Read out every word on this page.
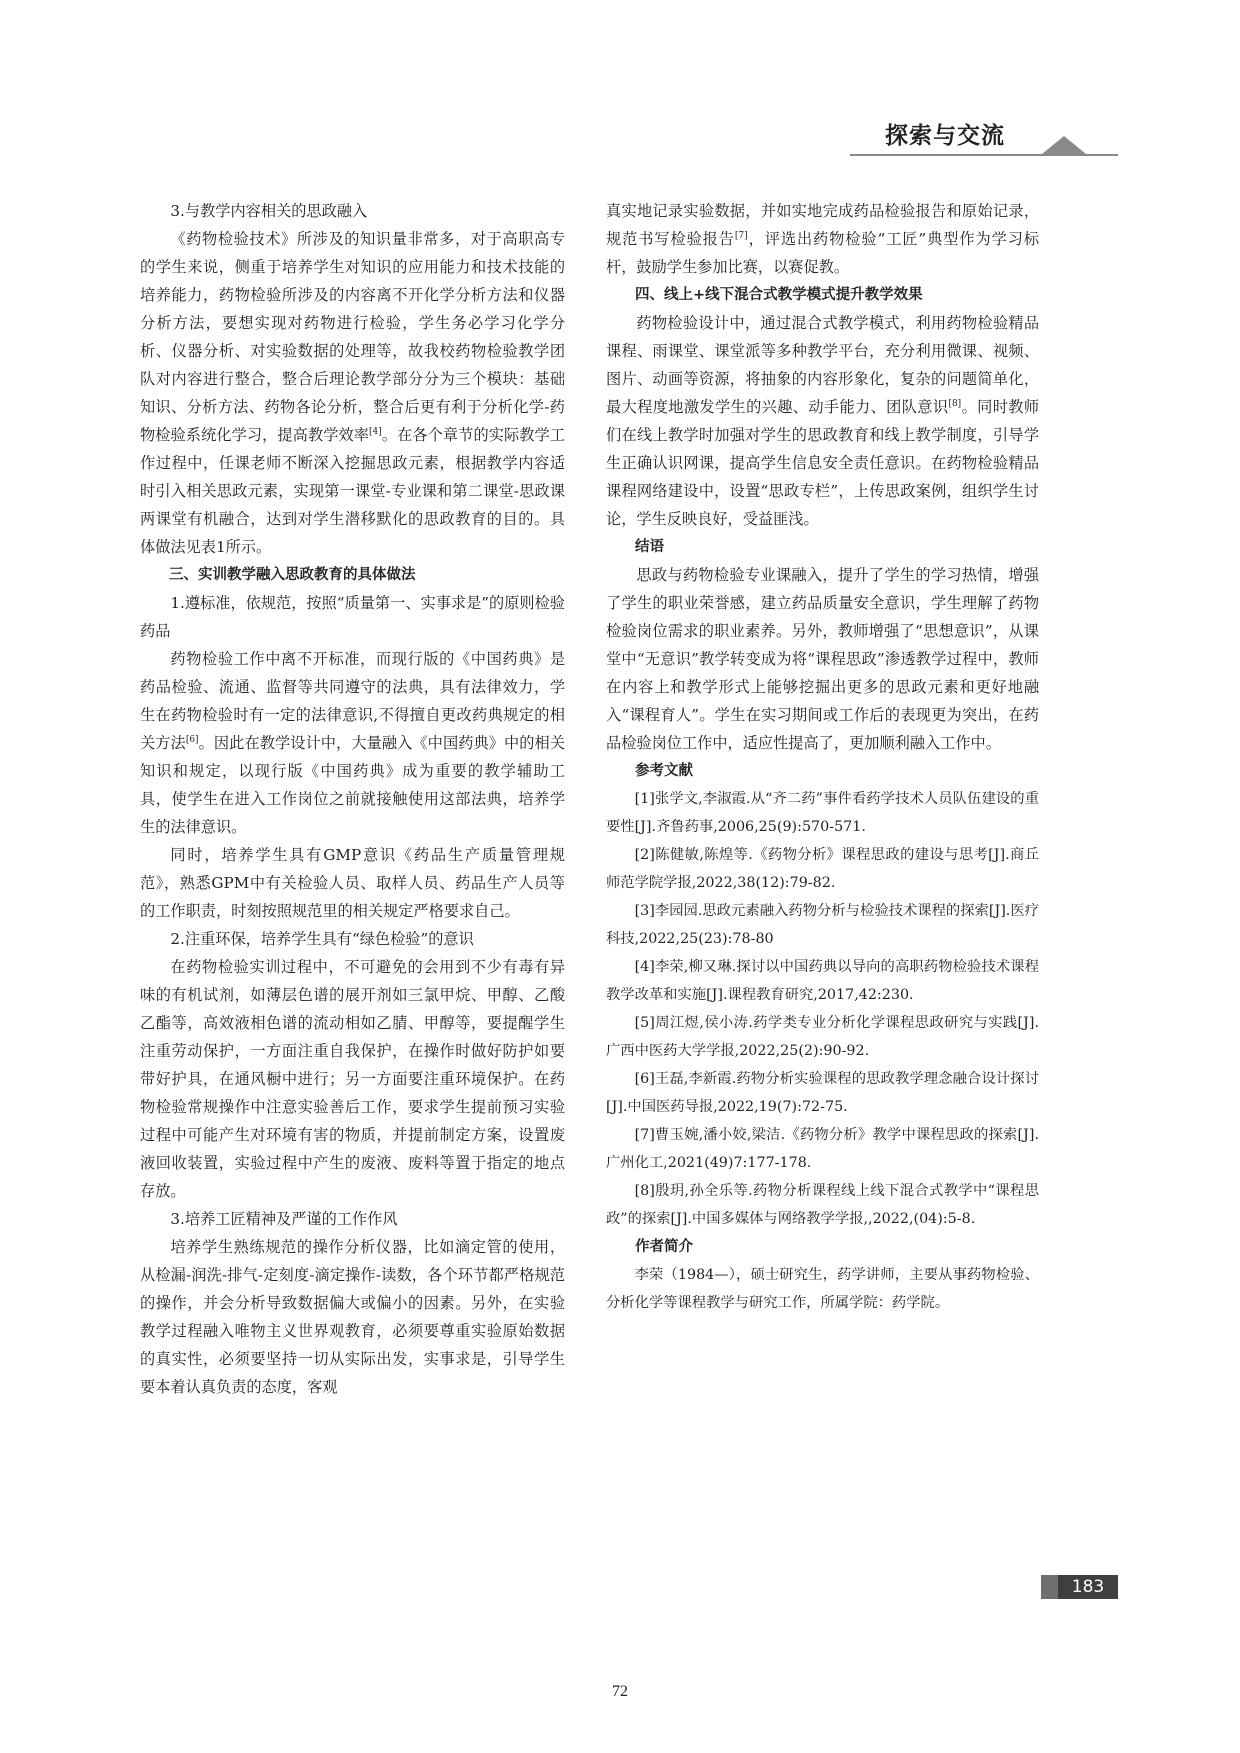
探索与交流

3.与教学内容相关的思政融入

《药物检验技术》所涉及的知识量非常多，对于高职高专的学生来说，侧重于培养学生对知识的应用能力和技术技能的培养能力，药物检验所涉及的内容离不开化学分析方法和仪器分析方法，要想实现对药物进行检验，学生务必学习化学分析、仪器分析、对实验数据的处理等，故我校药物检验教学团队对内容进行整合，整合后理论教学部分分为三个模块：基础知识、分析方法、药物各论分析，整合后更有利于分析化学-药物检验系统化学习，提高教学效率[4]。在各个章节的实际教学工作过程中，任课老师不断深入挖掘思政元素，根据教学内容适时引入相关思政元素，实现第一课堂-专业课和第二课堂-思政课两课堂有机融合，达到对学生潜移默化的思政教育的目的。具体做法见表1所示。

三、实训教学融入思政教育的具体做法

1.遵标准，依规范，按照“质量第一、实事求是”的原则检验药品

药物检验工作中离不开标准，而现行版的《中国药典》是药品检验、流通、监督等共同遵守的法典，具有法律效力，学生在药物检验时有一定的法律意识,不得擅自更改药典规定的相关方法[6]。因此在教学设计中，大量融入《中国药典》中的相关知识和规定，以现行版《中国药典》成为重要的教学辅助工具，使学生在进入工作岗位之前就接触使用这部法典，培养学生的法律意识。

同时，培养学生具有GMP意识《药品生产质量管理规范》，熟悉GPM中有关检验人员、取样人员、药品生产人员等的工作职责，时刻按照规范里的相关规定严格要求自己。

2.注重环保，培养学生具有“绿色检验”的意识

在药物检验实训过程中，不可避免的会用到不少有毒有异味的有机试剂，如薄层色谱的展开剂如三氯甲烷、甲醇、乙酸乙酯等，高效液相色谱的流动相如乙腈、甲醇等，要提醒学生注重劳动保护，一方面注重自我保护，在操作时做好防护如要带好护具，在通风橱中进行；另一方面要注重环境保护。在药物检验常规操作中注意实验善后工作，要求学生提前预习实验过程中可能产生对环境有害的物质，并提前制定方案，设置废液回收装置，实验过程中产生的废液、废料等置于指定的地点存放。

3.培养工匠精神及严谨的工作作风

培养学生熟练规范的操作分析仪器，比如滴定管的使用，从检漏-润洗-排气-定刻度-滴定操作-读数，各个环节都严格规范的操作，并会分析导致数据偏大或偏小的因素。另外，在实验教学过程融入唯物主义世界观教育，必须要尊重实验原始数据的真实性，必须要坚持一切从实际出发，实事求是，引导学生要本着认真负责的态度，客观

真实地记录实验数据，并如实地完成药品检验报告和原始记录，规范书写检验报告[7]，评选出药物检验“工匠”典型作为学习标杆，鼓励学生参加比赛，以赛促教。

四、线上+线下混合式教学模式提升教学效果

药物检验设计中，通过混合式教学模式，利用药物检验精品课程、雨课堂、课堂派等多种教学平台，充分利用微课、视频、图片、动画等资源，将抽象的内容形象化，复杂的问题简单化，最大程度地激发学生的兴趣、动手能力、团队意识[8]。同时教师们在线上教学时加强对学生的思政教育和线上教学制度，引导学生正确认识网课，提高学生信息安全责任意识。在药物检验精品课程网络建设中，设置“思政专栏”，上传思政案例，组织学生讨论，学生反映良好，受益匪浅。

结语

思政与药物检验专业课融入，提升了学生的学习热情，增强了学生的职业荣誉感，建立药品质量安全意识，学生理解了药物检验岗位需求的职业素养。另外，教师增强了“思想意识”，从课堂中“无意识”教学转变成为将“课程思政”渗透教学过程中，教师在内容上和教学形式上能够挖掘出更多的思政元素和更好地融入“课程育人”。学生在实习期间或工作后的表现更为突出，在药品检验岗位工作中，适应性提高了，更加顺利融入工作中。

参考文献

[1]张学文,李淑霞.从“齐二药”事件看药学技术人员队伍建设的重要性[J].齐鲁药事,2006,25(9):570-571.

[2]陈健敏,陈煌等.《药物分析》课程思政的建设与思考[J].商丘师范学院学报,2022,38(12):79-82.

[3]李园园.思政元素融入药物分析与检验技术课程的探索[J].医疗科技,2022,25(23):78-80

[4]李荣,柳又琳.探讨以中国药典以导向的高职药物检验技术课程教学改革和实施[J].课程教育研究,2017,42:230.

[5]周江煜,侯小涛.药学类专业分析化学课程思政研究与实践[J].广西中医药大学学报,2022,25(2):90-92.

[6]王磊,李新霞.药物分析实验课程的思政教学理念融合设计探讨[J].中国医药导报,2022,19(7):72-75.

[7]曹玉婉,潘小姣,梁洁.《药物分析》教学中课程思政的探索[J].广州化工,2021(49)7:177-178.

[8]殷玥,孙全乐等.药物分析课程线上线下混合式教学中“课程思政”的探索[J].中国多媒体与网络教学学报,,2022,(04):5-8.

作者简介

李荣（1984—），硕士研究生，药学讲师，主要从事药物检验、分析化学等课程教学与研究工作，所属学院：药学院。

183
72
